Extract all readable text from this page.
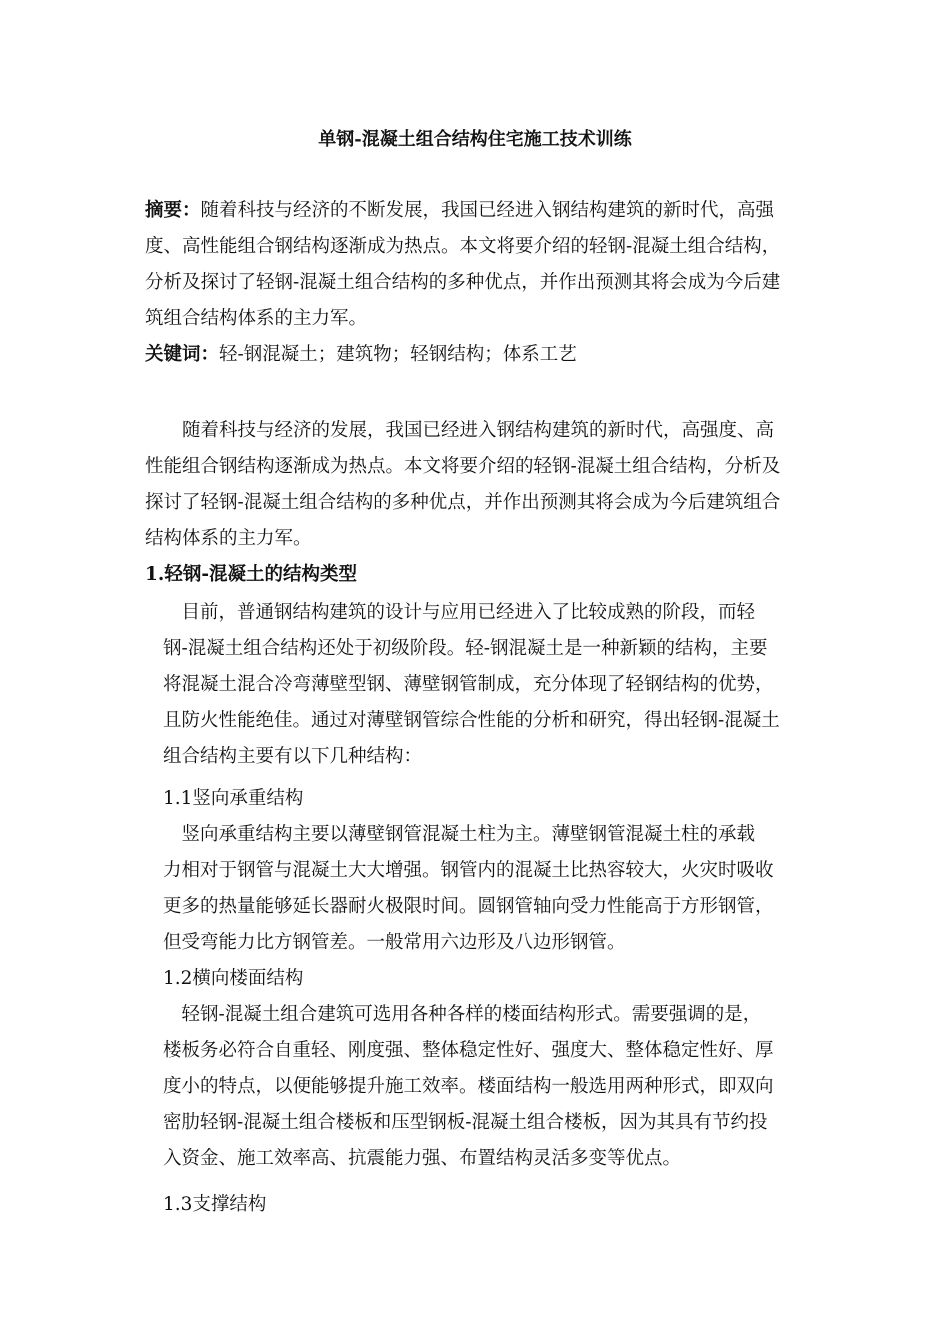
单钢-混凝土组合结构住宅施工技术训练
摘要：随着科技与经济的不断发展，我国已经进入钢结构建筑的新时代，高强
度、高性能组合钢结构逐渐成为热点。本文将要介绍的轻钢-混凝土组合结构，
分析及探讨了轻钢-混凝土组合结构的多种优点，并作出预测其将会成为今后建
筑组合结构体系的主力军。
关键词：轻-钢混凝土；建筑物；轻钢结构；体系工艺
　　随着科技与经济的发展，我国已经进入钢结构建筑的新时代，高强度、高
性能组合钢结构逐渐成为热点。本文将要介绍的轻钢-混凝土组合结构，分析及
探讨了轻钢-混凝土组合结构的多种优点，并作出预测其将会成为今后建筑组合
结构体系的主力军。
1.轻钢-混凝土的结构类型
　目前，普通钢结构建筑的设计与应用已经进入了比较成熟的阶段，而轻
钢-混凝土组合结构还处于初级阶段。轻-钢混凝土是一种新颖的结构，主要
将混凝土混合冷弯薄壁型钢、薄壁钢管制成，充分体现了轻钢结构的优势，
且防火性能绝佳。通过对薄壁钢管综合性能的分析和研究，得出轻钢-混凝土
组合结构主要有以下几种结构：
1.1竖向承重结构
　竖向承重结构主要以薄壁钢管混凝土柱为主。薄壁钢管混凝土柱的承载
力相对于钢管与混凝土大大增强。钢管内的混凝土比热容较大，火灾时吸收
更多的热量能够延长器耐火极限时间。圆钢管轴向受力性能高于方形钢管，
但受弯能力比方钢管差。一般常用六边形及八边形钢管。
1.2横向楼面结构
　轻钢-混凝土组合建筑可选用各种各样的楼面结构形式。需要强调的是，
楼板务必符合自重轻、刚度强、整体稳定性好、强度大、整体稳定性好、厚
度小的特点，以便能够提升施工效率。楼面结构一般选用两种形式，即双向
密肋轻钢-混凝土组合楼板和压型钢板-混凝土组合楼板，因为其具有节约投
入资金、施工效率高、抗震能力强、布置结构灵活多变等优点。
1.3支撑结构
